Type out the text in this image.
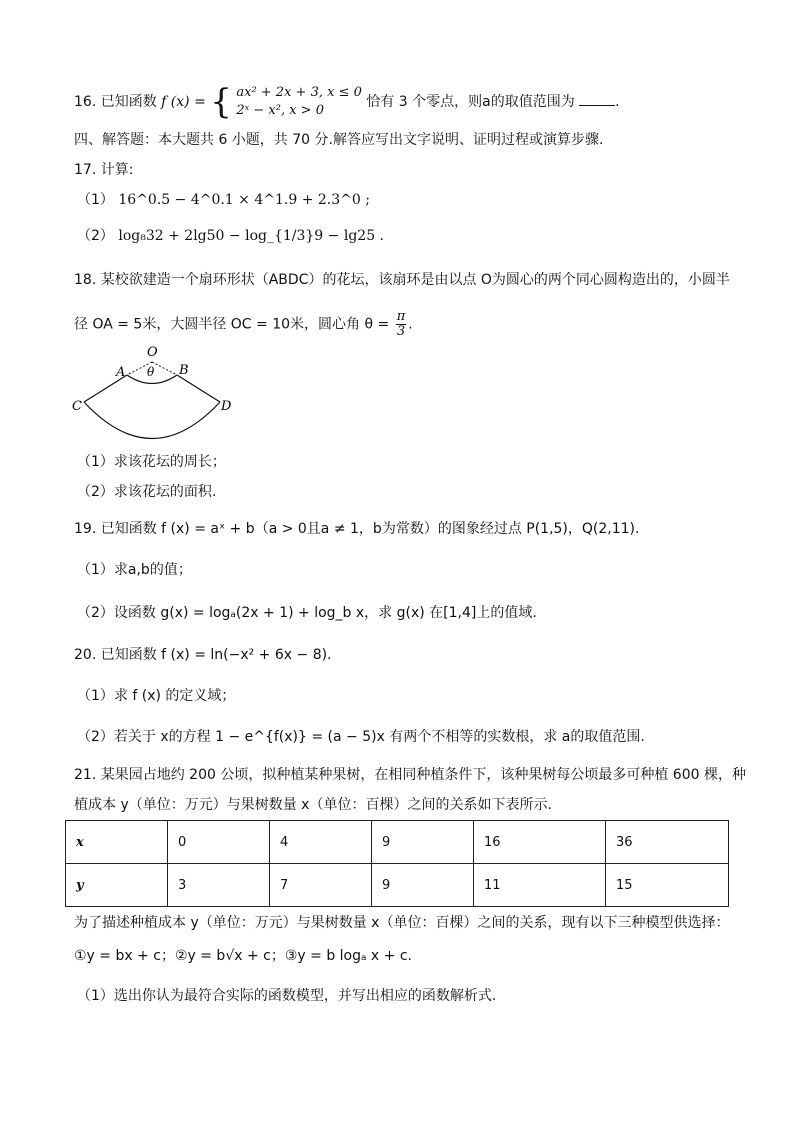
16. 已知函数 f (x) = { ax² + 2x + 3, x ≤ 0
2ˣ − x², x > 0
恰有 3 个零点，则a的取值范围为	.
四、解答题：本大题共 6 小题，共 70 分.解答应写出文字说明、证明过程或演算步骤.
17. 计算:
（1） 16^0.5 − 4^0.1 × 4^1.9 + 2.3^0 ;
（2） log₈32 + 2lg50 − log_{1/3}9 − lg25 .
18. 某校欲建造一个扇环形状（ABDC）的花坛，该扇环是由以点 O为圆心的两个同心圆构造出的，小圆半
径 OA = 5米，大圆半径 OC = 10米，圆心角 $\theta = \frac{\pi}{3}$ .
O
θ
A	B
C	D
（1）求该花坛的周长；
（2）求该花坛的面积.
19. 已知函数 f (x) = aˣ + b（a > 0且a ≠ 1，b为常数）的图象经过点 P(1,5)，Q(2,11).
（1）求a,b的值；
（2）设函数 g(x) = logₐ(2x + 1) + log_b x，求 g(x) 在[1,4]上的值域.
20. 已知函数 f (x) = ln(−x² + 6x − 8).
（1）求 f (x) 的定义域；
（2）若关于 x的方程 1 − e^{f(x)} = (a − 5)x 有两个不相等的实数根，求 a的取值范围.
21. 某果园占地约 200 公顷，拟种植某种果树，在相同种植条件下，该种果树每公顷最多可种植 600 棵，种
植成本 y（单位：万元）与果树数量 x（单位：百棵）之间的关系如下表所示.
x	0	4	9	16	36
y	3	7	9	11	15
为了描述种植成本 y（单位：万元）与果树数量 x（单位：百棵）之间的关系，现有以下三种模型供选择：
①y = bx + c；②y = b√x + c；③y = b logₐ x + c.
（1）选出你认为最符合实际的函数模型，并写出相应的函数解析式.
